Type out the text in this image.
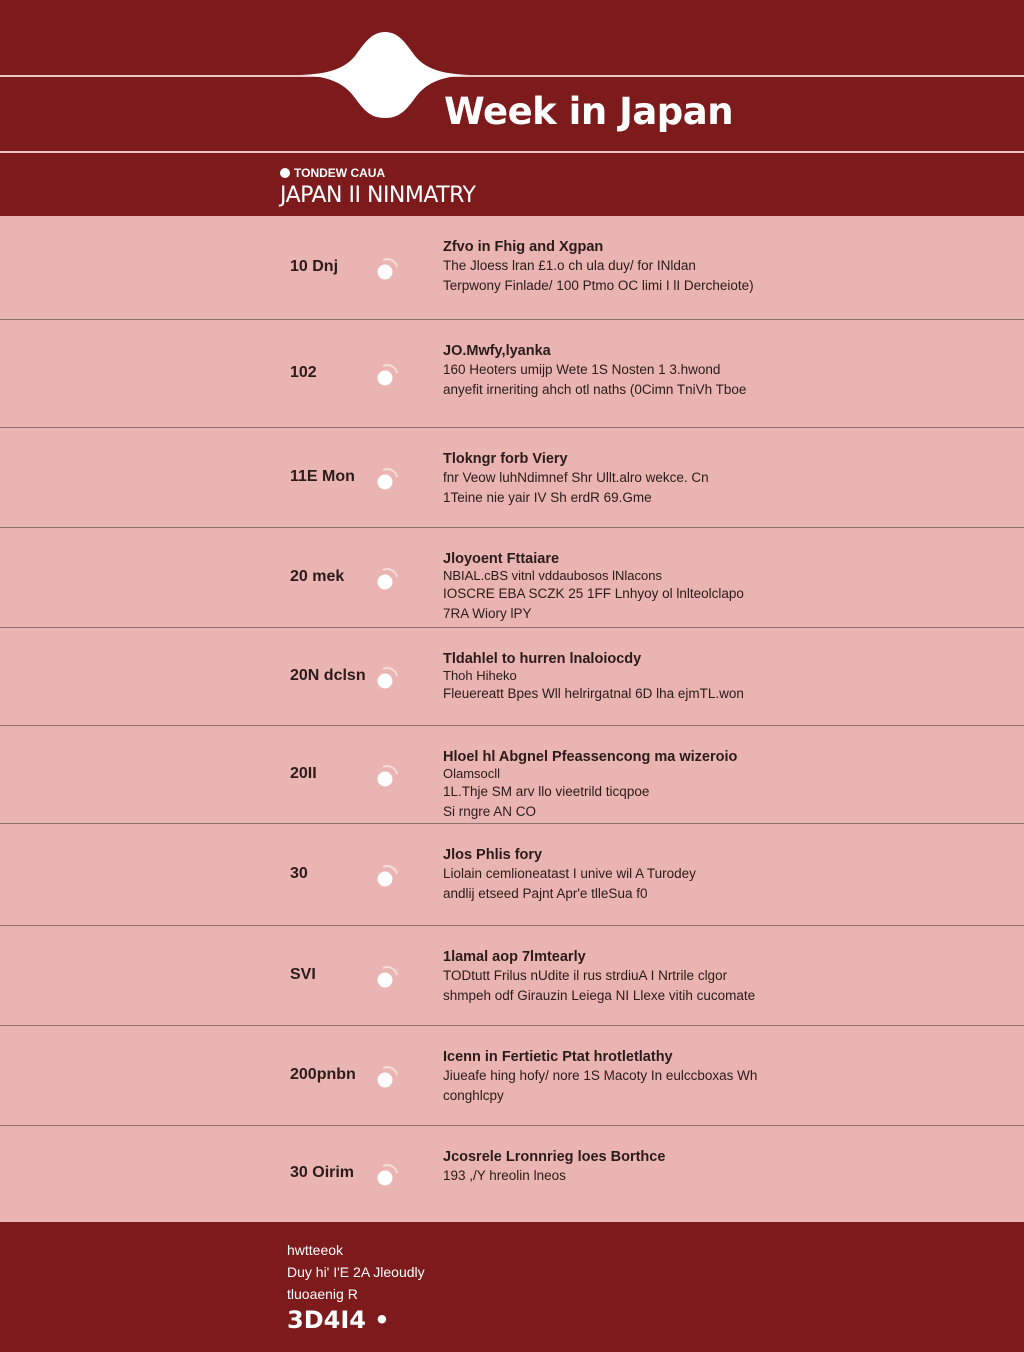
Week in Japan
TONDEW CAUA
JAPAN II NINMATRY
10 Dnj
Zfvo in Fhig and Xgpan
The Jloess lran £1.o ch ula duy/ for INldan
Terpwony Finlade/ 100 Ptmo OC limi I lI Dercheiote)
102
JO.Mwfy,lyanka
160 Heoters umijp Wete 1S Nosten 1 3.hwond
anyefit irneriting ahch otl naths (0Cimn TniVh Tboe
11E Mon
Tlokngr forb Viery
fnr Veow luhNdimnef Shr Ullt.alro wekce. Cn
1Teine nie yair IV Sh erdR 69.Gme
20 mek
Jloyoent Fttaiare
NBIAL.cBS vitnl vddaubosos lNlacons
IOSCRE EBA SCZK 25 1FF Lnhyoy ol lnlteolclapo
7RA Wiory lPY
20N dclsn
Tldahlel to hurren lnaloiocdy
Thoh Hiheko
Fleuereatt Bpes Wll helrirgatnal 6D lha ejmTL.won
20II
Hloel hl Abgnel Pfeassencong ma wizeroio
Olamsocll
1L.Thje SM arv llo vieetrild ticqpoe
Si rngre AN CO
30
Jlos Phlis fory
Liolain cemlioneatast I unive wil A Turodey
andlij etseed Pajnt Apr'e tlleSua f0
SVI
1lamal aop 7lmtearly
TODtutt Frilus nUdite il rus strdiuA I Nrtrile clgor
shmpeh odf Girauzin Leiega NI Llexe vitih cucomate
200pnbn
Icenn in Fertietic Ptat hrotletlathy
Jiueafe hing hofy/ nore 1S Macoty In eulccboxas Wh
conghlcpy
30 Oirim
Jcosrele Lronnrieg loes Borthce
193 ,/Y hreolin lneos
hwtteeok
Duy hi' I'E 2A Jleoudly
tluoaenig R
3D4I4 •
